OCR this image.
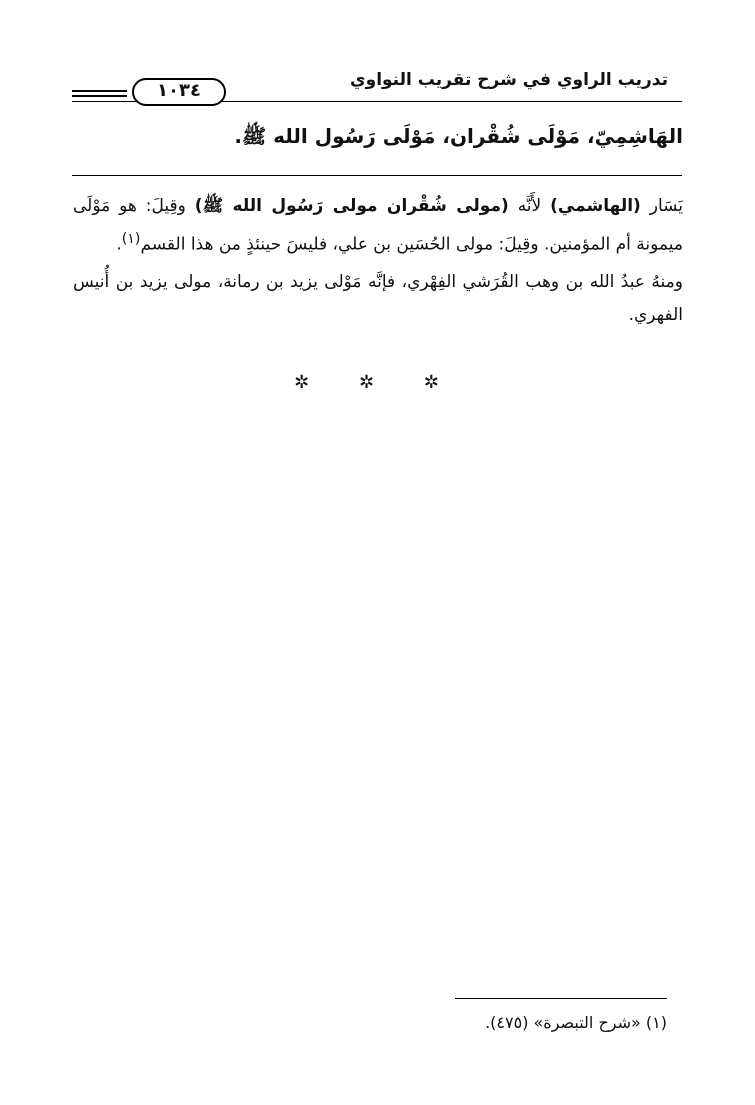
١٠٣٤	تدريب الراوي في شرح تقريب النواوي
الهَاشِمِيّ، مَوْلَى شُقْران، مَوْلَى رَسُول الله ﷺ.

يَسَار (الهاشمي) لأَنَّه (مولى شُقْران مولى رَسُول الله ﷺ) وقِيلَ: هو مَوْلَى ميمونة أم المؤمنين. وقِيلَ: مولى الحُسَين بن علي، فليسَ حينئذٍ من هذا القسم$^{(١)}$.

ومنهُ عبدُ الله بن وهب القُرَشي الفِهْري، فإنَّه مَوْلى يزيد بن رمانة، مولى يزيد بن أُنيس الفهري.

✲ ✲ ✲
(١) «شرح التبصرة» (٤٧٥).
